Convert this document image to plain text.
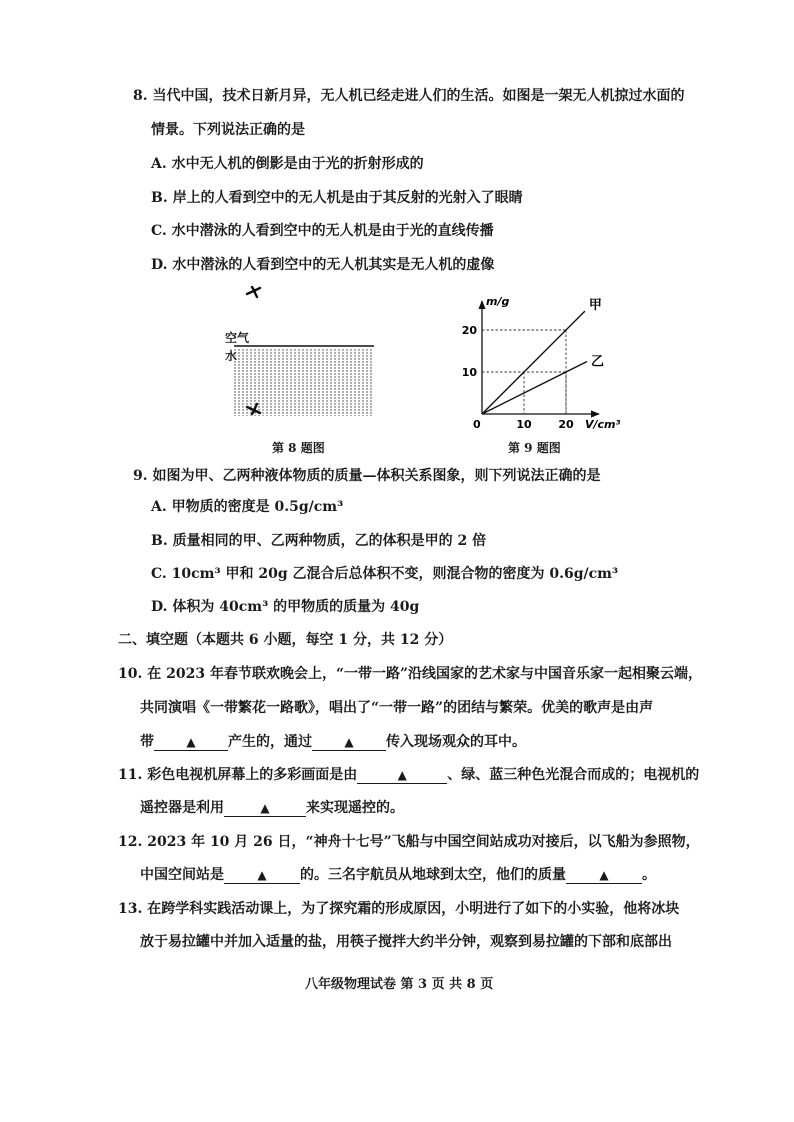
8. 当代中国，技术日新月异，无人机已经走进人们的生活。如图是一架无人机掠过水面的
情景。下列说法正确的是
A. 水中无人机的倒影是由于光的折射形成的
B. 岸上的人看到空中的无人机是由于其反射的光射入了眼睛
C. 水中潜泳的人看到空中的无人机是由于光的直线传播
D. 水中潜泳的人看到空中的无人机其实是无人机的虚像
空气
水
第 8 题图
甲
乙
10 20
10
20
m/g
V/cm³
0
第 9 题图
9. 如图为甲、乙两种液体物质的质量—体积关系图象，则下列说法正确的是
A. 甲物质的密度是 0.5g/cm³
B. 质量相同的甲、乙两种物质，乙的体积是甲的 2 倍
C. 10cm³ 甲和 20g 乙混合后总体积不变，则混合物的密度为 0.6g/cm³
D. 体积为 40cm³ 的甲物质的质量为 40g
二、填空题（本题共 6 小题，每空 1 分，共 12 分）
10. 在 2023 年春节联欢晚会上，“一带一路”沿线国家的艺术家与中国音乐家一起相聚云端，
共同演唱《一带繁花一路歌》，唱出了“一带一路”的团结与繁荣。优美的歌声是由声
带	▲ 产生的，通过	▲ 传入现场观众的耳中。
11. 彩色电视机屏幕上的多彩画面是由	▲	、绿、蓝三种色光混合而成的；电视机的
遥控器是利用	▲	来实现遥控的。
12. 2023 年 10 月 26 日，“神舟十七号”飞船与中国空间站成功对接后，以飞船为参照物，
中国空间站是	▲ 的。三名宇航员从地球到太空，他们的质量	▲ 。
13. 在跨学科实践活动课上，为了探究霜的形成原因，小明进行了如下的小实验，他将冰块
放于易拉罐中并加入适量的盐，用筷子搅拌大约半分钟，观察到易拉罐的下部和底部出
八年级物理试卷 第 3 页 共 8 页
